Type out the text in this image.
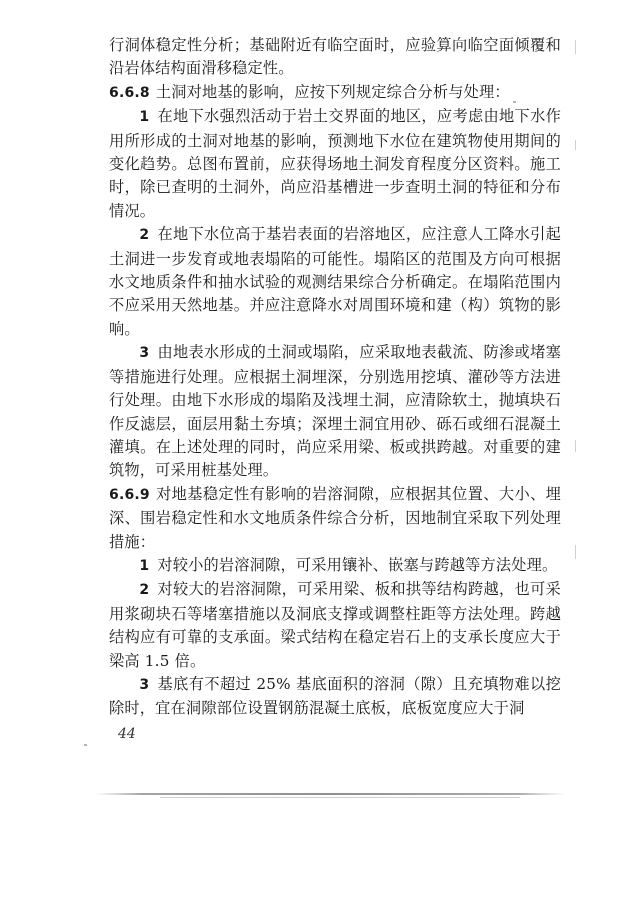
行洞体稳定性分析；基础附近有临空面时，应验算向临空面倾覆和沿岩体结构面滑移稳定性。

6.6.8 土洞对地基的影响，应按下列规定综合分析与处理：

1 在地下水强烈活动于岩土交界面的地区，应考虑由地下水作用所形成的土洞对地基的影响，预测地下水位在建筑物使用期间的变化趋势。总图布置前，应获得场地土洞发育程度分区资料。施工时，除已查明的土洞外，尚应沿基槽进一步查明土洞的特征和分布情况。

2 在地下水位高于基岩表面的岩溶地区，应注意人工降水引起土洞进一步发育或地表塌陷的可能性。塌陷区的范围及方向可根据水文地质条件和抽水试验的观测结果综合分析确定。在塌陷范围内不应采用天然地基。并应注意降水对周围环境和建（构）筑物的影响。

3 由地表水形成的土洞或塌陷，应采取地表截流、防渗或堵塞等措施进行处理。应根据土洞埋深，分别选用挖填、灌砂等方法进行处理。由地下水形成的塌陷及浅埋土洞，应清除软土，抛填块石作反滤层，面层用黏土夯填；深埋土洞宜用砂、砾石或细石混凝土灌填。在上述处理的同时，尚应采用梁、板或拱跨越。对重要的建筑物，可采用桩基处理。

6.6.9 对地基稳定性有影响的岩溶洞隙，应根据其位置、大小、埋深、围岩稳定性和水文地质条件综合分析，因地制宜采取下列处理措施：

1 对较小的岩溶洞隙，可采用镶补、嵌塞与跨越等方法处理。

2 对较大的岩溶洞隙，可采用梁、板和拱等结构跨越，也可采用浆砌块石等堵塞措施以及洞底支撑或调整柱距等方法处理。跨越结构应有可靠的支承面。梁式结构在稳定岩石上的支承长度应大于梁高 1.5 倍。

3 基底有不超过 25% 基底面积的溶洞（隙）且充填物难以挖除时，宜在洞隙部位设置钢筋混凝土底板，底板宽度应大于洞

44
